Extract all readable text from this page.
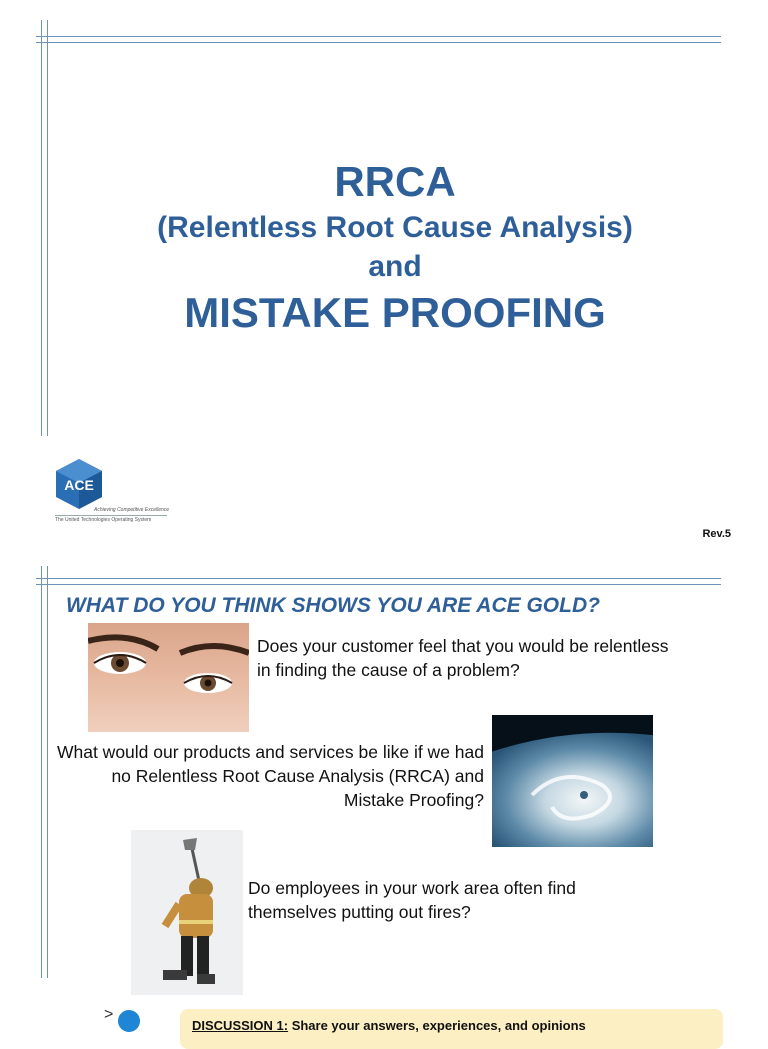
RRCA
(Relentless Root Cause Analysis)
and
MISTAKE PROOFING
ACE
Achieving Competitive Excellence
The United Technologies Operating System
Rev.5
WHAT DO YOU THINK SHOWS YOU ARE ACE GOLD?
Does your customer feel that you would be relentless in finding the cause of a problem?
What would our products and services be like if we had no Relentless Root Cause Analysis (RRCA) and Mistake Proofing?
Do employees in your work area often find themselves putting out fires?
>
DISCUSSION 1: Share your answers, experiences, and opinions
